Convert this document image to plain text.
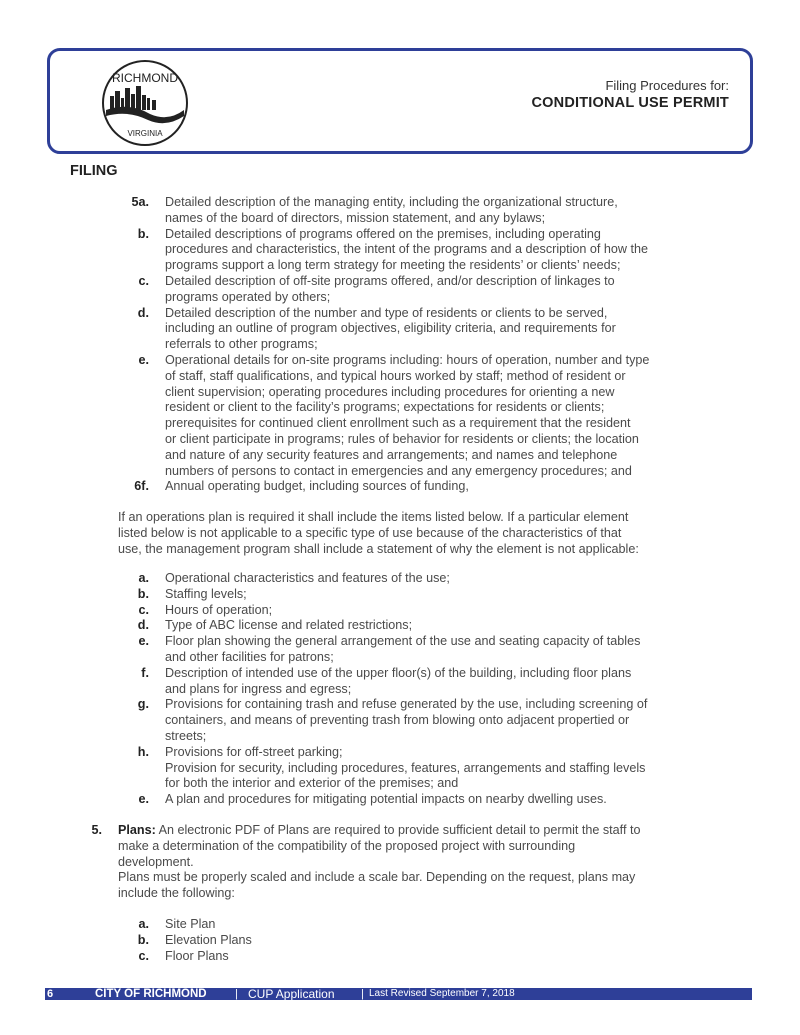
RICHMOND
VIRGINIA
Filing Procedures for:
CONDITIONAL USE PERMIT
FILING
5a. Detailed description of the managing entity, including the organizational structure,
names of the board of directors, mission statement, and any bylaws;
b. Detailed descriptions of programs offered on the premises, including operating
procedures and characteristics, the intent of the programs and a description of how the
programs support a long term strategy for meeting the residents’ or clients’ needs;
c. Detailed description of off-site programs offered, and/or description of linkages to
programs operated by others;
d. Detailed description of the number and type of residents or clients to be served,
including an outline of program objectives, eligibility criteria, and requirements for
referrals to other programs;
e. Operational details for on-site programs including: hours of operation, number and type
of staff, staff qualifications, and typical hours worked by staff; method of resident or
client supervision; operating procedures including procedures for orienting a new
resident or client to the facility’s programs; expectations for residents or clients;
prerequisites for continued client enrollment such as a requirement that the resident
or client participate in programs; rules of behavior for residents or clients; the location
and nature of any security features and arrangements; and names and telephone
numbers of persons to contact in emergencies and any emergency procedures; and
6f. Annual operating budget, including sources of funding,
If an operations plan is required it shall include the items listed below. If a particular element
listed below is not applicable to a specific type of use because of the characteristics of that
use, the management program shall include a statement of why the element is not applicable:
a. Operational characteristics and features of the use;
b. Staffing levels;
c. Hours of operation;
d. Type of ABC license and related restrictions;
e. Floor plan showing the general arrangement of the use and seating capacity of tables
and other facilities for patrons;
f. Description of intended use of the upper floor(s) of the building, including floor plans
and plans for ingress and egress;
g. Provisions for containing trash and refuse generated by the use, including screening of
containers, and means of preventing trash from blowing onto adjacent propertied or
streets;
h. Provisions for off-street parking;
Provision for security, including procedures, features, arrangements and staffing levels
for both the interior and exterior of the premises; and
e. A plan and procedures for mitigating potential impacts on nearby dwelling uses.
5. Plans: An electronic PDF of Plans are required to provide sufficient detail to permit the staff to
make a determination of the compatibility of the proposed project with surrounding
development.
Plans must be properly scaled and include a scale bar. Depending on the request, plans may
include the following:
a. Site Plan
b. Elevation Plans
c. Floor Plans
6	CITY OF RICHMOND	| CUP Application | Last Revised September 7, 2018
